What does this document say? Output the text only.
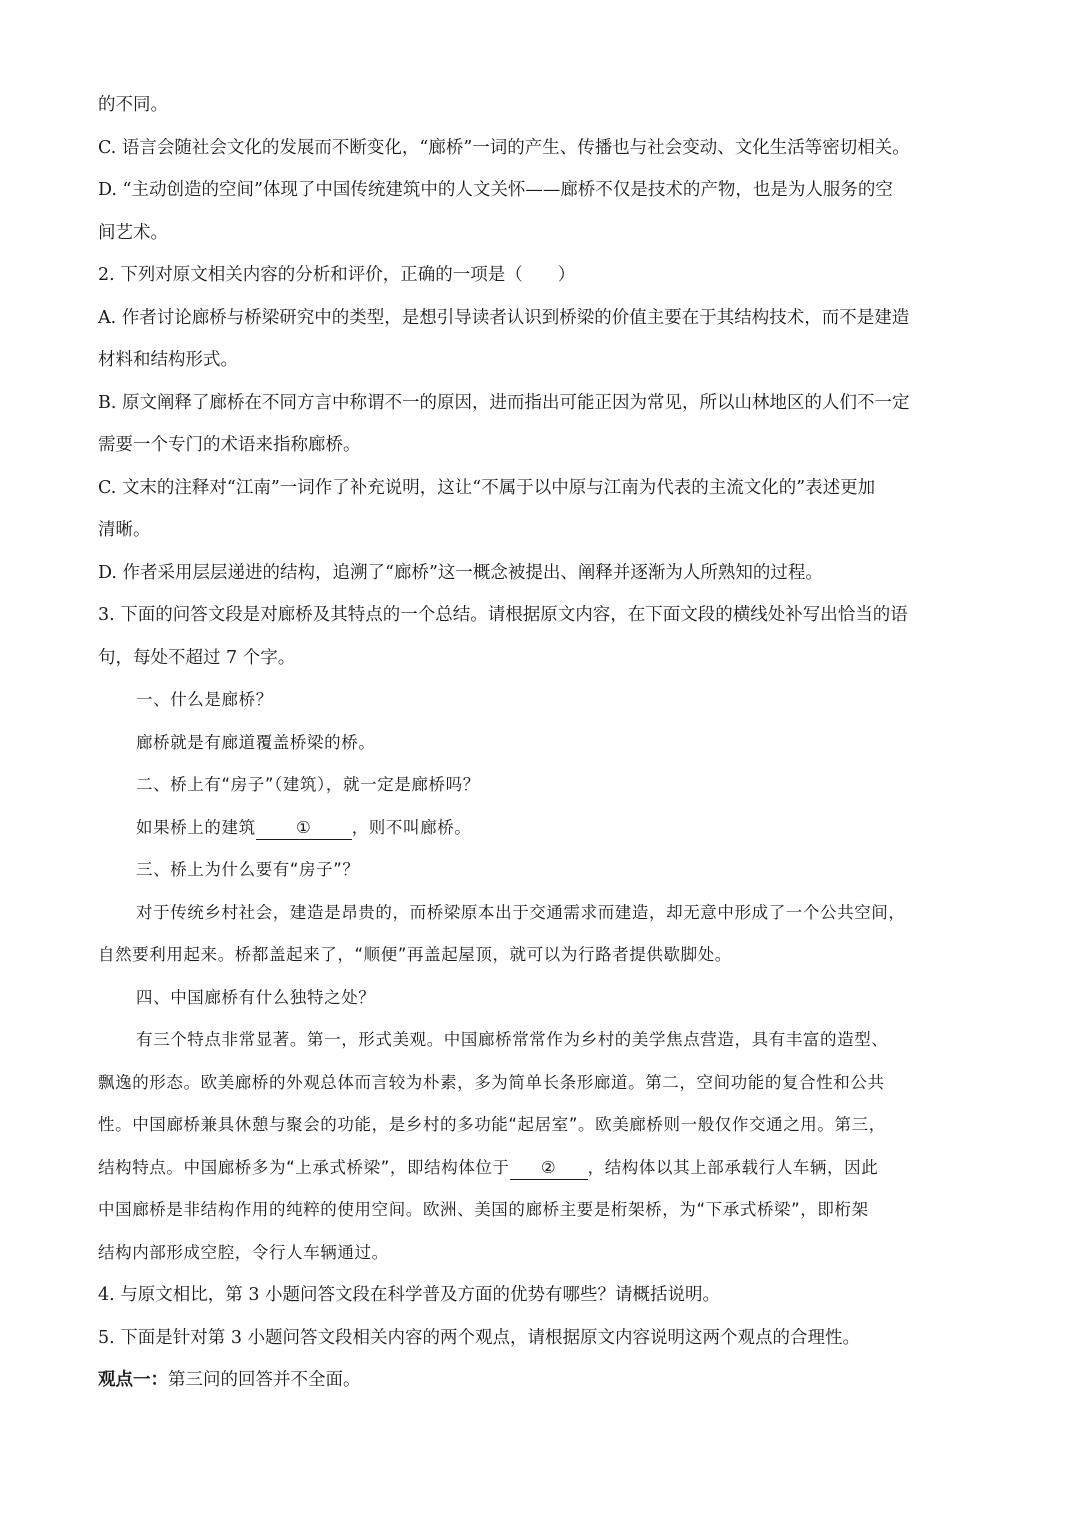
的不同。
C. 语言会随社会文化的发展而不断变化，“廊桥”一词的产生、传播也与社会变动、文化生活等密切相关。
D. “主动创造的空间”体现了中国传统建筑中的人文关怀——廊桥不仅是技术的产物，也是为人服务的空
间艺术。
2. 下列对原文相关内容的分析和评价，正确的一项是（　　）
A. 作者讨论廊桥与桥梁研究中的类型，是想引导读者认识到桥梁的价值主要在于其结构技术，而不是建造
材料和结构形式。
B. 原文阐释了廊桥在不同方言中称谓不一的原因，进而指出可能正因为常见，所以山林地区的人们不一定
需要一个专门的术语来指称廊桥。
C. 文末的注释对“江南”一词作了补充说明，这让“不属于以中原与江南为代表的主流文化的”表述更加
清晰。
D. 作者采用层层递进的结构，追溯了“廊桥”这一概念被提出、阐释并逐渐为人所熟知的过程。
3. 下面的问答文段是对廊桥及其特点的一个总结。请根据原文内容，在下面文段的横线处补写出恰当的语
句，每处不超过 7 个字。
一、什么是廊桥？
廊桥就是有廊道覆盖桥梁的桥。
二、桥上有“房子”（建筑），就一定是廊桥吗？
如果桥上的建筑 ① ，则不叫廊桥。
三、桥上为什么要有“房子”？
对于传统乡村社会，建造是昂贵的，而桥梁原本出于交通需求而建造，却无意中形成了一个公共空间，
自然要利用起来。桥都盖起来了，“顺便”再盖起屋顶，就可以为行路者提供歇脚处。
四、中国廊桥有什么独特之处？
有三个特点非常显著。第一，形式美观。中国廊桥常常作为乡村的美学焦点营造，具有丰富的造型、
飘逸的形态。欧美廊桥的外观总体而言较为朴素，多为简单长条形廊道。第二，空间功能的复合性和公共
性。中国廊桥兼具休憩与聚会的功能，是乡村的多功能“起居室”。欧美廊桥则一般仅作交通之用。第三，
结构特点。中国廊桥多为“上承式桥梁”，即结构体位于 ② ，结构体以其上部承载行人车辆，因此
中国廊桥是非结构作用的纯粹的使用空间。欧洲、美国的廊桥主要是桁架桥，为“下承式桥梁”，即桁架
结构内部形成空腔，令行人车辆通过。
4. 与原文相比，第 3 小题问答文段在科学普及方面的优势有哪些？请概括说明。
5. 下面是针对第 3 小题问答文段相关内容的两个观点，请根据原文内容说明这两个观点的合理性。
观点一：第三问的回答并不全面。
